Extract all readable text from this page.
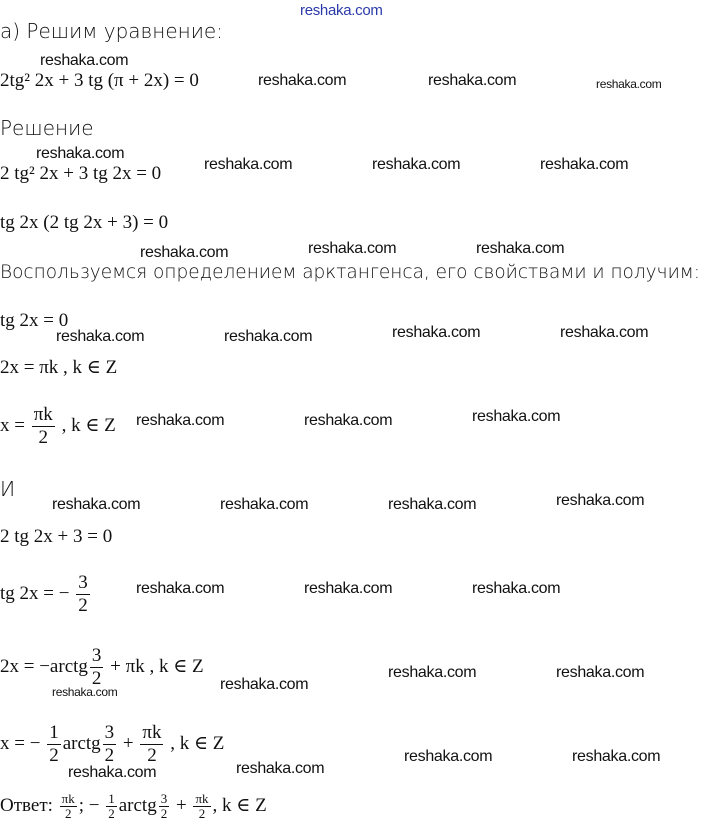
reshaka.com
а) Решим уравнение:
reshaka.com
2tg² 2x + 3 tg (π + 2x) = 0	reshaka.com	reshaka.com	reshaka.com
Решение
reshaka.com
2 tg² 2x + 3 tg 2x = 0	reshaka.com	reshaka.com	reshaka.com
tg 2x (2 tg 2x + 3) = 0
reshaka.com	reshaka.com	reshaka.com
Воспользуемся определением арктангенса, его свойствами и получим:
tg 2x = 0
reshaka.com	reshaka.com	reshaka.com	reshaka.com
2x = πk , k ∈ Z
$x = \frac{\pi k}{2}$ , k ∈ Z reshaka.com	reshaka.com	reshaka.com
И
reshaka.com	reshaka.com	reshaka.com	reshaka.com
2 tg 2x + 3 = 0
tg 2x = − $\frac{3}{2}$	reshaka.com	reshaka.com	reshaka.com
2x = −arctg $\frac{3}{2} + \pi k$ , k ∈ Z
reshaka.com	reshaka.com
reshaka.com	reshaka.com
x = − $\frac{1}{2}$ arctg $\frac{3}{2} + \frac{\pi k}{2}$ , k ∈ Z
reshaka.com	reshaka.com
reshaka.com	reshaka.com
Ответ: $\frac{\pi k}{2}$ ; − $\frac{1}{2}$ arctg $\frac{3}{2} + \frac{\pi k}{2}$ , k ∈ Z
